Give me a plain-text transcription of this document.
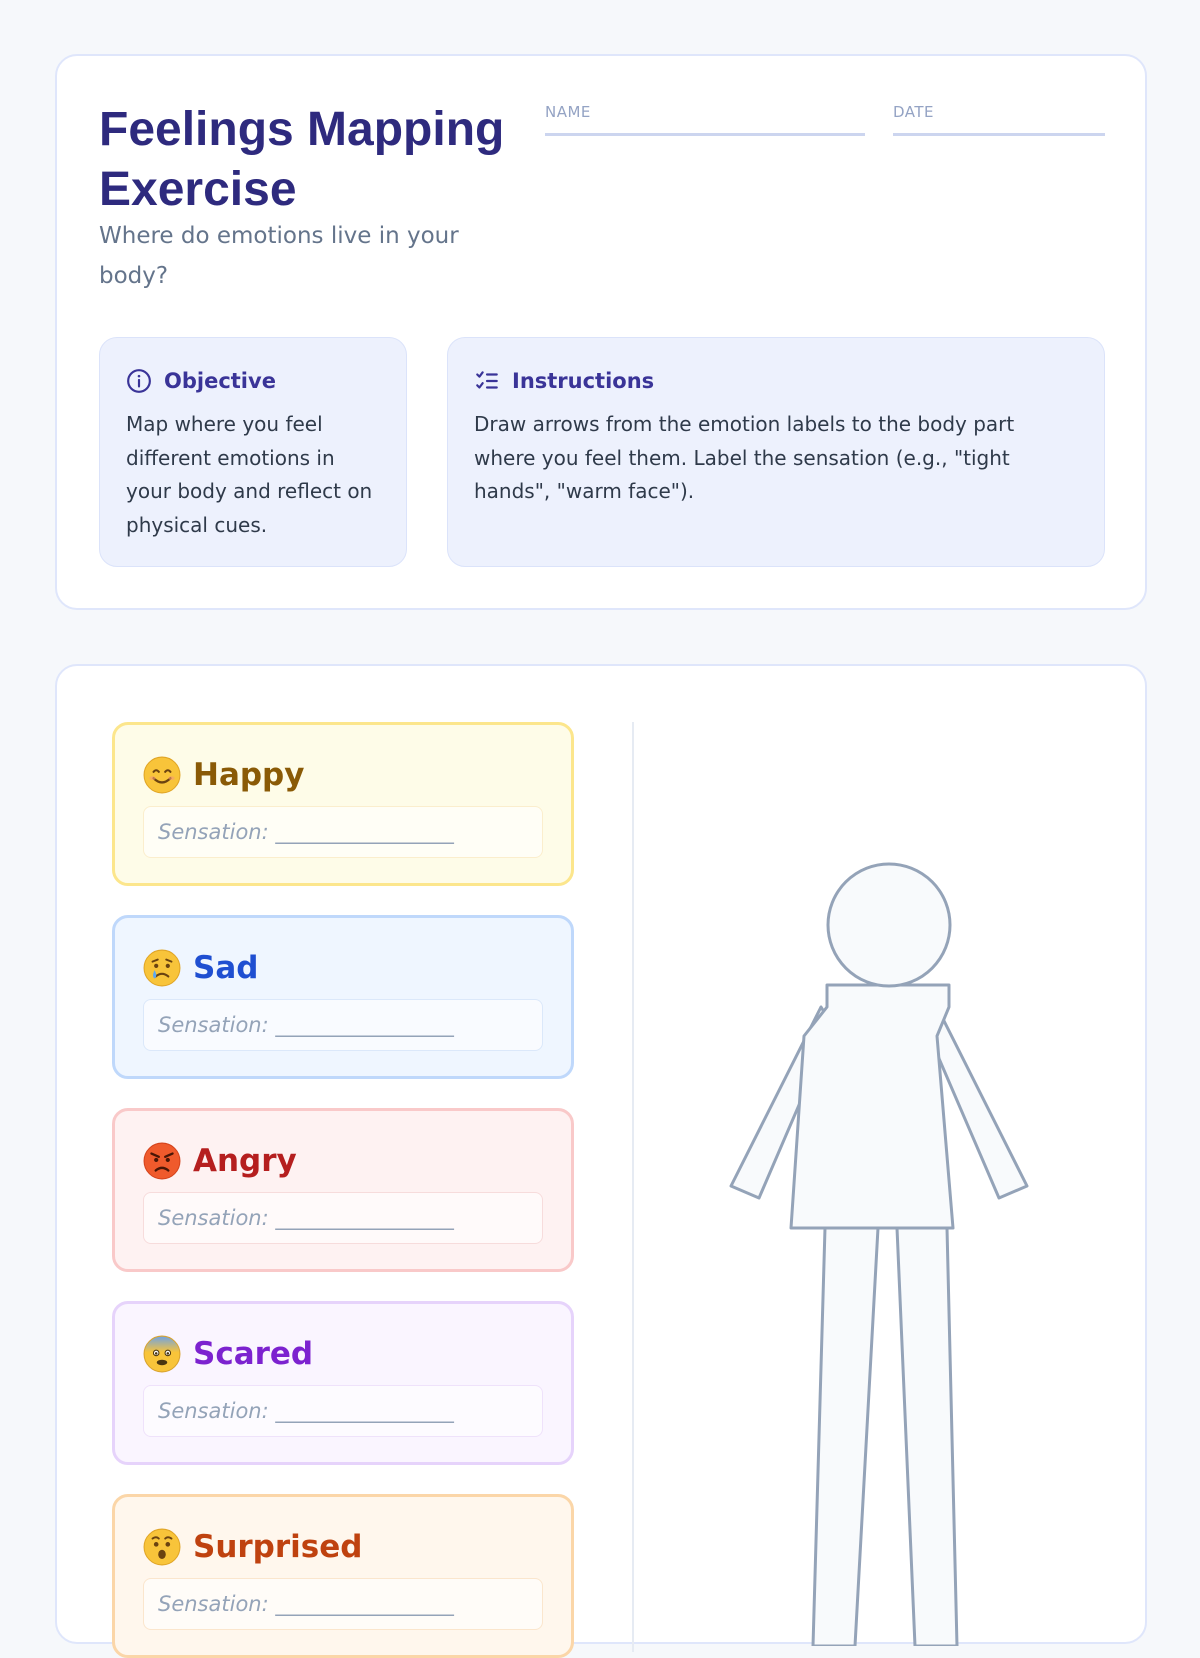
Feelings Mapping Exercise

Where do emotions live in your body?

NAME	DATE
Objective

Map where you feel different emotions in your body and reflect on physical cues.

Instructions

Draw arrows from the emotion labels to the body part where you feel them. Label the sensation (e.g., "tight hands", "warm face").

Happy
Sensation: _________________
Sad
Sensation: _________________
Angry
Sensation: _________________
Scared
Sensation: _________________
Surprised
Sensation: _________________
